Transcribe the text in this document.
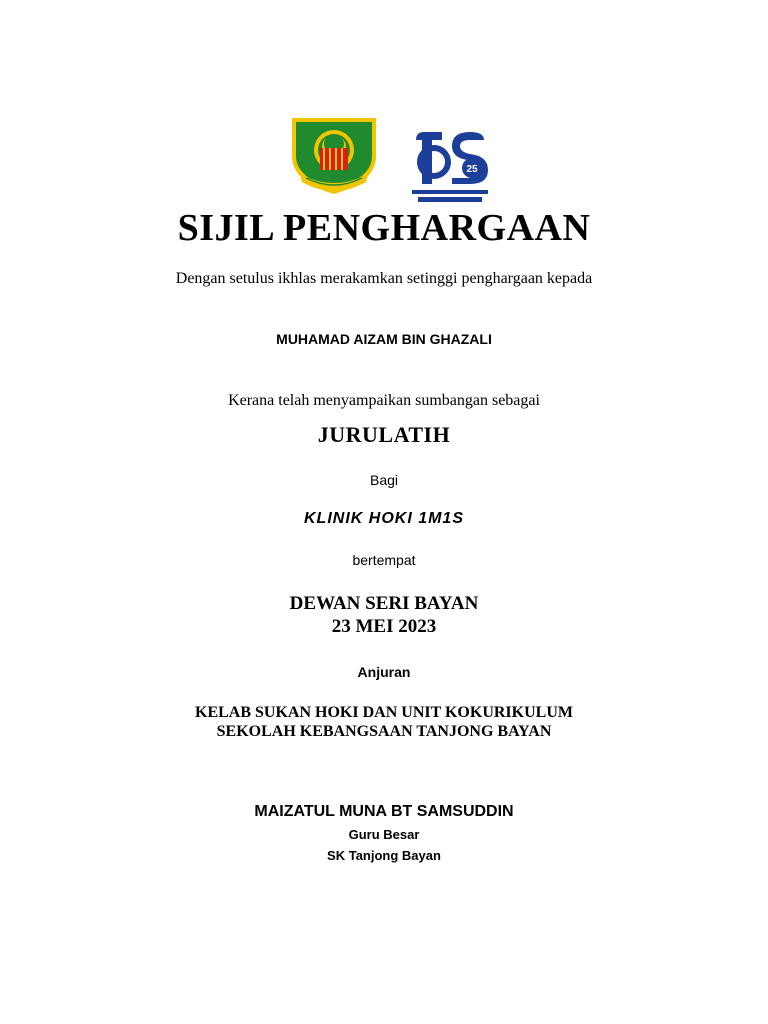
25
SIJIL PENGHARGAAN
Dengan setulus ikhlas merakamkan setinggi penghargaan kepada
MUHAMAD AIZAM BIN GHAZALI
Kerana telah menyampaikan sumbangan sebagai
JURULATIH
Bagi
KLINIK HOKI 1M1S
bertempat
DEWAN SERI BAYAN
23 MEI 2023
Anjuran
KELAB SUKAN HOKI DAN UNIT KOKURIKULUM
SEKOLAH KEBANGSAAN TANJONG BAYAN
MAIZATUL MUNA BT SAMSUDDIN
Guru Besar
SK Tanjong Bayan
